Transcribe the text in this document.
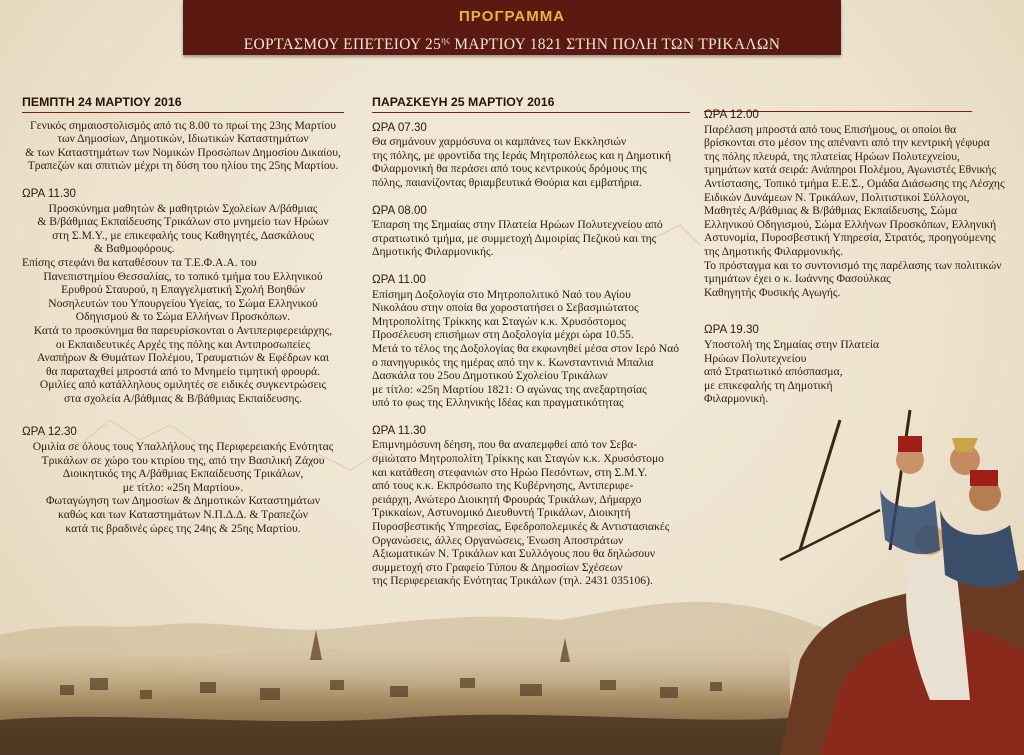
ΠΡΟΓΡΑΜΜΑ
ΕΟΡΤΑΣΜΟΥ ΕΠΕΤΕΙΟΥ $25^{\eta\varsigma}$ ΜΑΡΤΙΟΥ 1821 ΣΤΗΝ ΠΟΛΗ ΤΩΝ ΤΡΙΚΑΛΩΝ
ΠΕΜΠΤΗ 24 ΜΑΡΤΙΟΥ 2016
Γενικός σημαιοστολισμός από τις 8.00 το πρωί της 23ης Μαρτίου
των Δημοσίων, Δημοτικών, Ιδιωτικών Καταστημάτων
& των Καταστημάτων των Νομικών Προσώπων Δημοσίου Δικαίου,
Τραπεζών και σπιτιών μέχρι τη δύση του ηλίου της 25ης Μαρτίου.
ΩΡΑ 11.30
Προσκύνημα μαθητών & μαθητριών Σχολείων Α/βάθμιας
& Β/βάθμιας Εκπαίδευσης Τρικάλων στο μνημείο των Ηρώων
στη Σ.Μ.Υ., με επικεφαλής τους Καθηγητές, Δασκάλους
& Βαθμοφόρους.
Επίσης στεφάνι θα καταθέσουν τα Τ.Ε.Φ.Α.Α. του
Πανεπιστημίου Θεσσαλίας, το τοπικό τμήμα του Ελληνικού
Ερυθρού Σταυρού, η Επαγγελματική Σχολή Βοηθών
Νοσηλευτών του Υπουργείου Υγείας, το Σώμα Ελληνικού
Οδηγισμού & το Σώμα Ελλήνων Προσκόπων.
Κατά το προσκύνημα θα παρευρίσκονται ο Αντιπεριφερειάρχης,
οι Εκπαιδευτικές Αρχές της πόλης και Αντιπροσωπείες
Αναπήρων & Θυμάτων Πολέμου, Τραυματιών & Εφέδρων και
θα παραταχθεί μπροστά από το Μνημείο τιμητική φρουρά.
Ομιλίες από κατάλληλους ομιλητές σε ειδικές συγκεντρώσεις
στα σχολεία Α/βάθμιας & Β/βάθμιας Εκπαίδευσης.
ΩΡΑ 12.30
Ομιλία σε όλους τους Υπαλλήλους της Περιφερειακής Ενότητας
Τρικάλων σε χώρο του κτιρίου της, από την Βασιλική Ζάχου
Διοικητικός της Α/βάθμιας Εκπαίδευσης Τρικάλων,
με τίτλο: «25η Μαρτίου».
Φωταγώγηση των Δημοσίων & Δημοτικών Καταστημάτων
καθώς και των Καταστημάτων Ν.Π.Δ.Δ. & Τραπεζών
κατά τις βραδινές ώρες της 24ης & 25ης Μαρτίου.
ΠΑΡΑΣΚΕΥΗ 25 ΜΑΡΤΙΟΥ 2016
ΩΡΑ 07.30
Θα σημάνουν χαρμόσυνα οι καμπάνες των Εκκλησιών
της πόλης, με φροντίδα της Ιεράς Μητροπόλεως και η Δημοτική
Φιλαρμονική θα περάσει από τους κεντρικούς δρόμους της
πόλης, παιανίζοντας θριαμβευτικά Θούρια και εμβατήρια.
ΩΡΑ 08.00
Έπαρση της Σημαίας στην Πλατεία Ηρώων Πολυτεχνείου από
στρατιωτικό τμήμα, με συμμετοχή Διμοιρίας Πεζικού και της
Δημοτικής Φιλαρμονικής.
ΩΡΑ 11.00
Επίσημη Δοξολογία στο Μητροπολιτικό Ναό του Αγίου
Νικολάου στην οποία θα χοροστατήσει ο Σεβασμιώτατος
Μητροπολίτης Τρίκκης και Σταγών κ.κ. Χρυσόστομος
Προσέλευση επισήμων στη Δοξολογία μέχρι ώρα 10.55.
Μετά το τέλος της Δοξολογίας θα εκφωνηθεί μέσα στον Ιερό Ναό
ο πανηγυρικός της ημέρας από την κ. Κωνσταντινιά Μπαλια
Δασκάλα του 25ου Δημοτικού Σχολείου Τρικάλων
με τίτλο: «25η Μαρτίου 1821: Ο αγώνας της ανεξαρτησίας
υπό το φως της Ελληνικής Ιδέας και πραγματικότητας
ΩΡΑ 11.30
Επιμνημόσυνη δέηση, που θα αναπεμφθεί από τον Σεβα-
σμιώτατο Μητροπολίτη Τρίκκης και Σταγών κ.κ. Χρυσόστομο
και κατάθεση στεφανιών στο Ηρώο Πεσόντων, στη Σ.Μ.Υ.
από τους κ.κ. Εκπρόσωπο της Κυβέρνησης, Αντιπεριφε-
ρειάρχη, Ανώτερο Διοικητή Φρουράς Τρικάλων, Δήμαρχο
Τρικκαίων, Αστυνομικό Διευθυντή Τρικάλων, Διοικητή
Πυροσβεστικής Υπηρεσίας, Εφεδροπολεμικές & Αντιστασιακές
Οργανώσεις, άλλες Οργανώσεις, Ένωση Αποστράτων
Αξιωματικών Ν. Τρικάλων και Συλλόγους που θα δηλώσουν
συμμετοχή στο Γραφείο Τύπου & Δημοσίων Σχέσεων
της Περιφερειακής Ενότητας Τρικάλων (τηλ. 2431 035106).
ΩΡΑ 12.00
Παρέλαση μπροστά από τους Επισήμους, οι οποίοι θα
βρίσκονται στο μέσον της απέναντι από την κεντρική γέφυρα
της πόλης πλευρά, της πλατείας Ηρώων Πολυτεχνείου,
τμημάτων κατά σειρά: Ανάπηροι Πολέμου, Αγωνιστές Εθνικής
Αντίστασης, Τοπικό τμήμα Ε.Ε.Σ., Ομάδα Διάσωσης της Λέσχης
Ειδικών Δυνάμεων Ν. Τρικάλων, Πολιτιστικοί Σύλλογοι,
Μαθητές Α/βάθμιας & Β/βάθμιας Εκπαίδευσης, Σώμα
Ελληνικού Οδηγισμού, Σώμα Ελλήνων Προσκόπων, Ελληνική
Αστυνομία, Πυροσβεστική Υπηρεσία, Στρατός, προηγούμενης
της Δημοτικής Φιλαρμονικής.
Το πρόσταγμα και το συντονισμό της παρέλασης των πολιτικών
τμημάτων έχει ο κ. Ιωάννης Φασούλκας
Καθηγητής Φυσικής Αγωγής.
ΩΡΑ 19.30
Υποστολή της Σημαίας στην Πλατεία
Ηρώων Πολυτεχνείου
από Στρατιωτικό απόσπασμα,
με επικεφαλής τη Δημοτική
Φιλαρμονική.
